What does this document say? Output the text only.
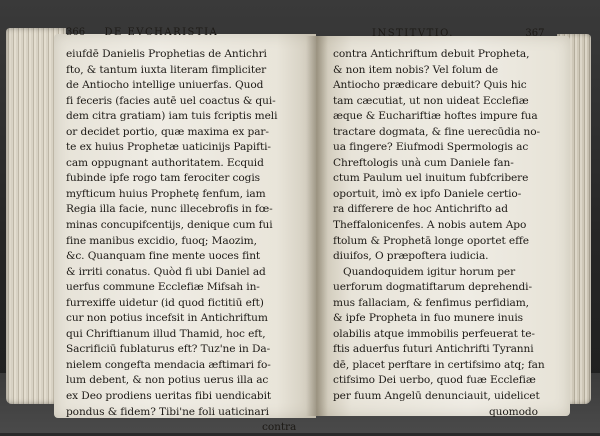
366 DE EVCHARISTIA	INSTITVTIO.	367
eiufdē Danielis Prophetias de Antichri
fto, & tantum iuxta literam fimpliciter
de Antiocho intellige uniuerfas. Quod
fi feceris (facies autē uel coactus & qui-
dem citra gratiam) iam tuis fcriptis meli
or decidet portio, quæ maxima ex par-
te ex huius Prophetæ uaticinijs Papifti-
cam oppugnant authoritatem. Ecquid
fubinde ipfe rogo tam ferociter cogis
myfticum huius Prophetę fenfum, iam
Regia illa facie, nunc illecebrofis in fœ-
minas concupifcentijs, denique cum fui
fine manibus excidio, fuoq; Maozim,
&c. Quanquam fine mente uoces fint
& irriti conatus. Quòd fi ubi Daniel ad
uerfus commune Ecclefiæ Mifsah in-
furrexiffe uidetur (id quod fictitiū eft)
cur non potius incefsit in Antichriftum
qui Chriftianum illud Thamid, hoc eft,
Sacrificiū fublaturus eft? Tuz'ne in Da-
nielem congefta mendacia æftimari fo-
lum debent, & non potius uerus illa ac
ex Deo prodiens ueritas fibi uendicabit
pondus & fidem? Tibi'ne foli uaticinari
contra
contra Antichriftum debuit Propheta,
& non item nobis? Vel folum de
Antiocho prædicare debuit? Quis hic
tam cæcutiat, ut non uideat Ecclefiæ
æque & Euchariftiæ hoftes impure fua
tractare dogmata, & fine uerecūdia no-
ua fingere? Eiufmodi Spermologis ac
Chreftologis unà cum Daniele fan-
ctum Paulum uel inuitum fubfcribere
oportuit, imò ex ipfo Daniele certio-
ra differere de hoc Antichrifto ad
Theffalonicenfes. A nobis autem Apo
ftolum & Prophetā longe oportet effe
diuifos, O præpoftera iudicia.
Quandoquidem igitur horum per
uerforum dogmatiftarum deprehendi-
mus fallaciam, & fenfimus perfidiam,
& ipfe Propheta in fuo munere inuis
olabilis atque immobilis perfeuerat te-
ftis aduerfus futuri Antichrifti Tyranni
dē, placet perftare in certifsimo atq; fan
ctifsimo Dei uerbo, quod fuæ Ecclefiæ
per fuum Angelū denunciauit, uidelicet
quomodo
